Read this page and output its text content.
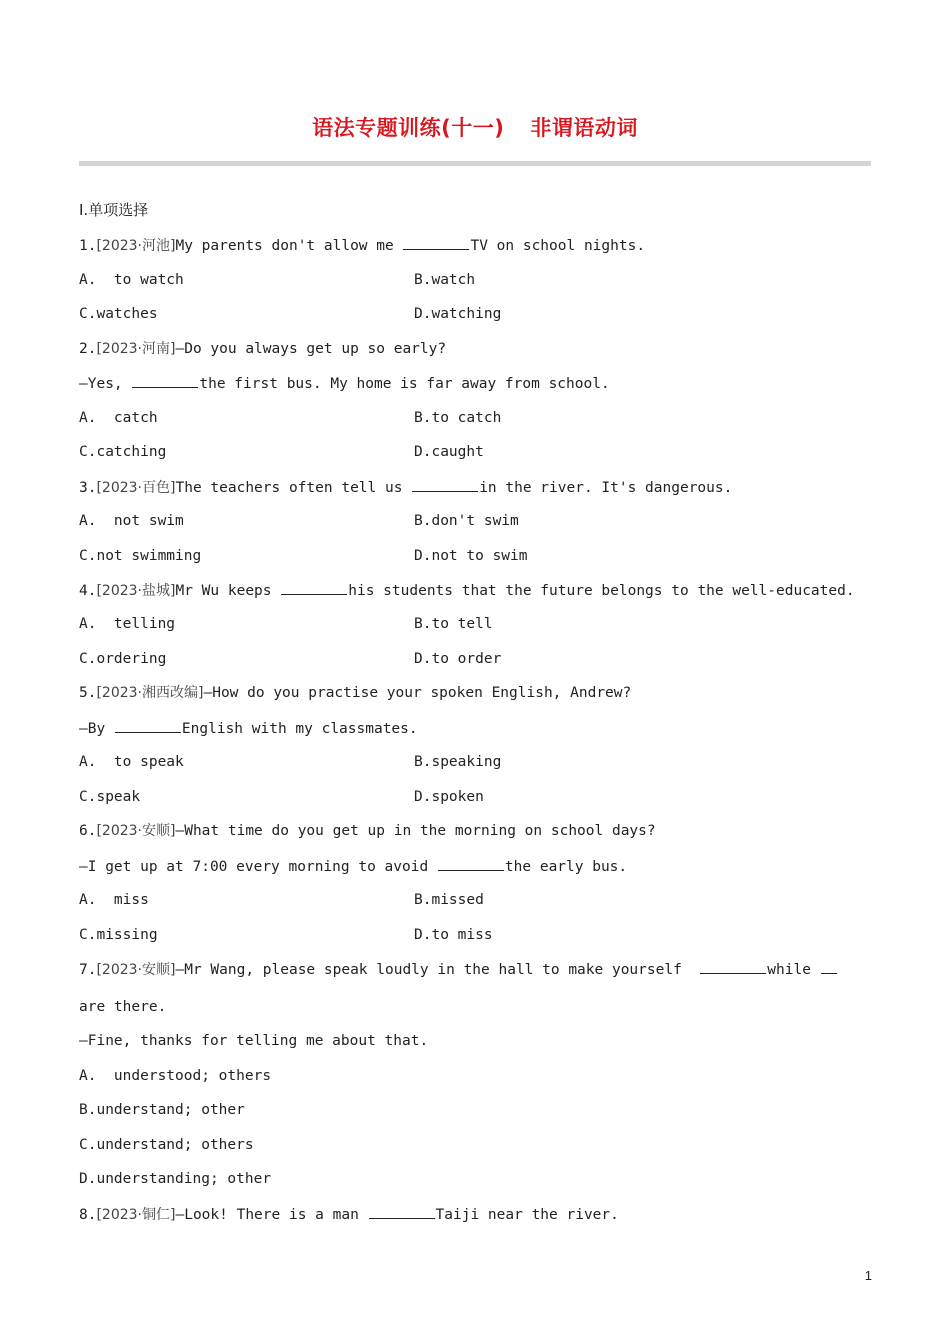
语法专题训练(十一) 非谓语动词
Ⅰ.单项选择
1.[2023·河池]My parents don't allow me	TV on school nights.
A.  to watch	B.watch
C.watches	D.watching
2.[2023·河南]—Do you always get up so early?
—Yes,	the first bus. My home is far away from school.
A.  catch	B.to catch
C.catching	D.caught
3.[2023·百色]The teachers often tell us	in the river. It's dangerous.
A.  not swim	B.don't swim
C.not swimming	D.not to swim
4.[2023·盐城]Mr Wu keeps	his students that the future belongs to the well-educated.
A.  telling	B.to tell
C.ordering	D.to order
5.[2023·湘西改编]—How do you practise your spoken English, Andrew?
—By	English with my classmates.
A.  to speak	B.speaking
C.speak	D.spoken
6.[2023·安顺]—What time do you get up in the morning on school days?
—I get up at 7:00 every morning to avoid	the early bus.
A.  miss	B.missed
C.missing	D.to miss
7.[2023·安顺]—Mr Wang, please speak loudly in the hall to make yourself	while
are there.
—Fine, thanks for telling me about that.
A.  understood; others
B.understand; other
C.understand; others
D.understanding; other
8.[2023·铜仁]—Look! There is a man	Taiji near the river.
1
